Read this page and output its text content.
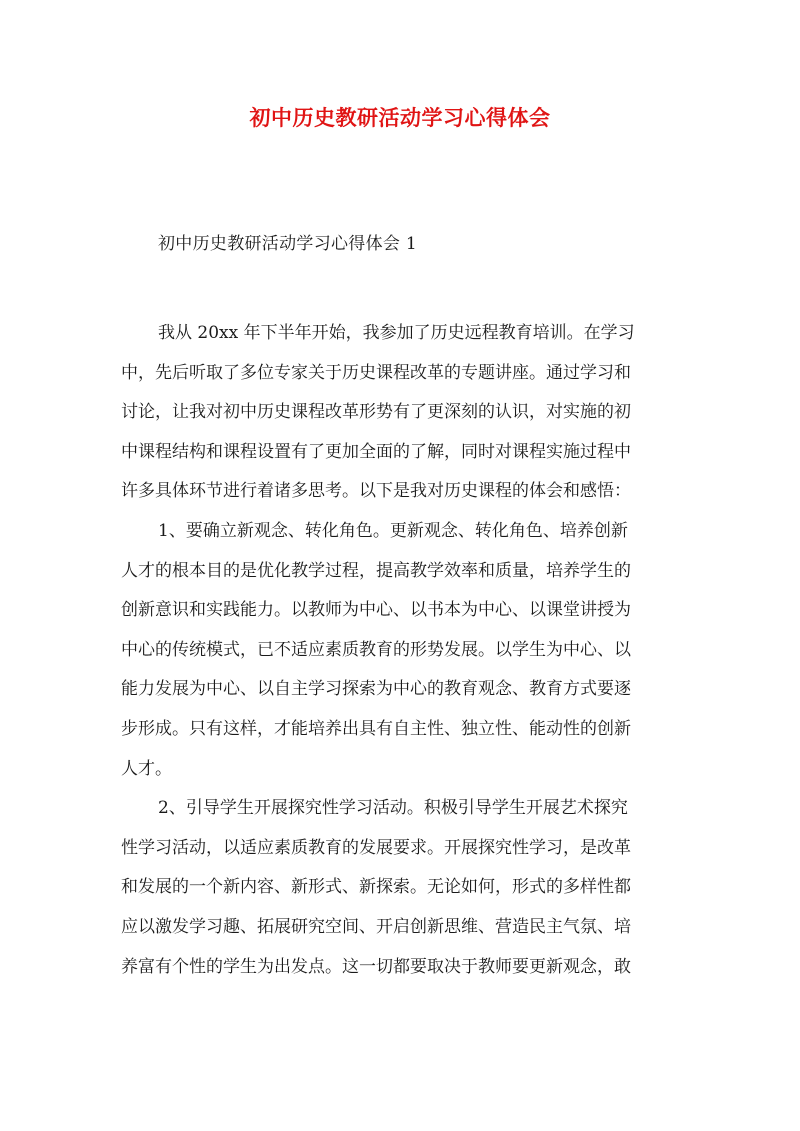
初中历史教研活动学习心得体会
初中历史教研活动学习心得体会 1
我从 20xx 年下半年开始，我参加了历史远程教育培训。在学习
中，先后听取了多位专家关于历史课程改革的专题讲座。通过学习和
讨论，让我对初中历史课程改革形势有了更深刻的认识，对实施的初
中课程结构和课程设置有了更加全面的了解，同时对课程实施过程中
许多具体环节进行着诸多思考。以下是我对历史课程的体会和感悟：
1、要确立新观念、转化角色。更新观念、转化角色、培养创新
人才的根本目的是优化教学过程，提高教学效率和质量，培养学生的
创新意识和实践能力。以教师为中心、以书本为中心、以课堂讲授为
中心的传统模式，已不适应素质教育的形势发展。以学生为中心、以
能力发展为中心、以自主学习探索为中心的教育观念、教育方式要逐
步形成。只有这样，才能培养出具有自主性、独立性、能动性的创新
人才。
2、引导学生开展探究性学习活动。积极引导学生开展艺术探究
性学习活动，以适应素质教育的发展要求。开展探究性学习，是改革
和发展的一个新内容、新形式、新探索。无论如何，形式的多样性都
应以激发学习趣、拓展研究空间、开启创新思维、营造民主气氛、培
养富有个性的学生为出发点。这一切都要取决于教师要更新观念，敢
